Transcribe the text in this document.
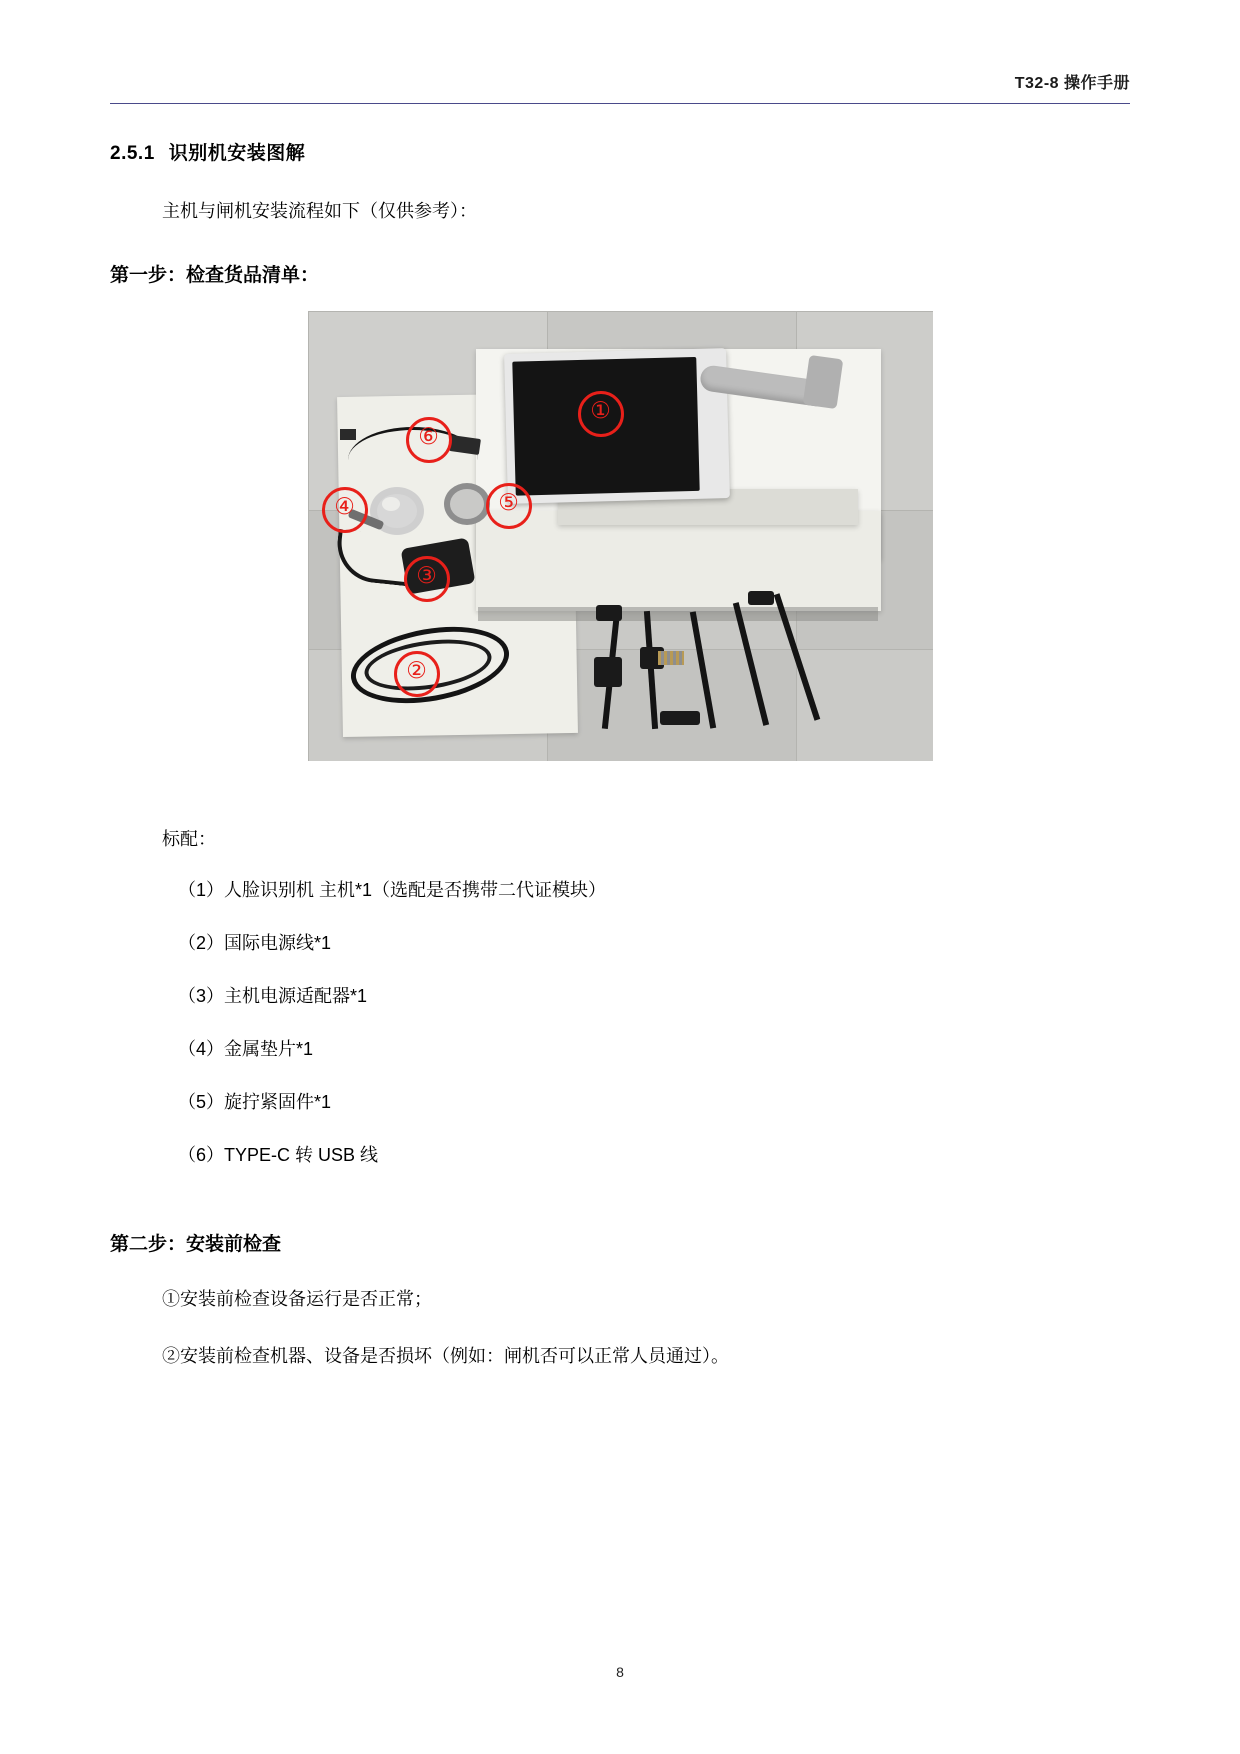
T32-8 操作手册
2.5.1 识别机安装图解
主机与闸机安装流程如下（仅供参考）：
第一步：检查货品清单：
①
②
③
④	⑤
⑥
标配：
（1）人脸识别机 主机*1（选配是否携带二代证模块）
（2）国际电源线*1
（3）主机电源适配器*1
（4）金属垫片*1
（5）旋拧紧固件*1
（6）TYPE-C 转 USB 线
第二步：安装前检查
①安装前检查设备运行是否正常；
②安装前检查机器、设备是否损坏（例如：闸机否可以正常人员通过）。
8
